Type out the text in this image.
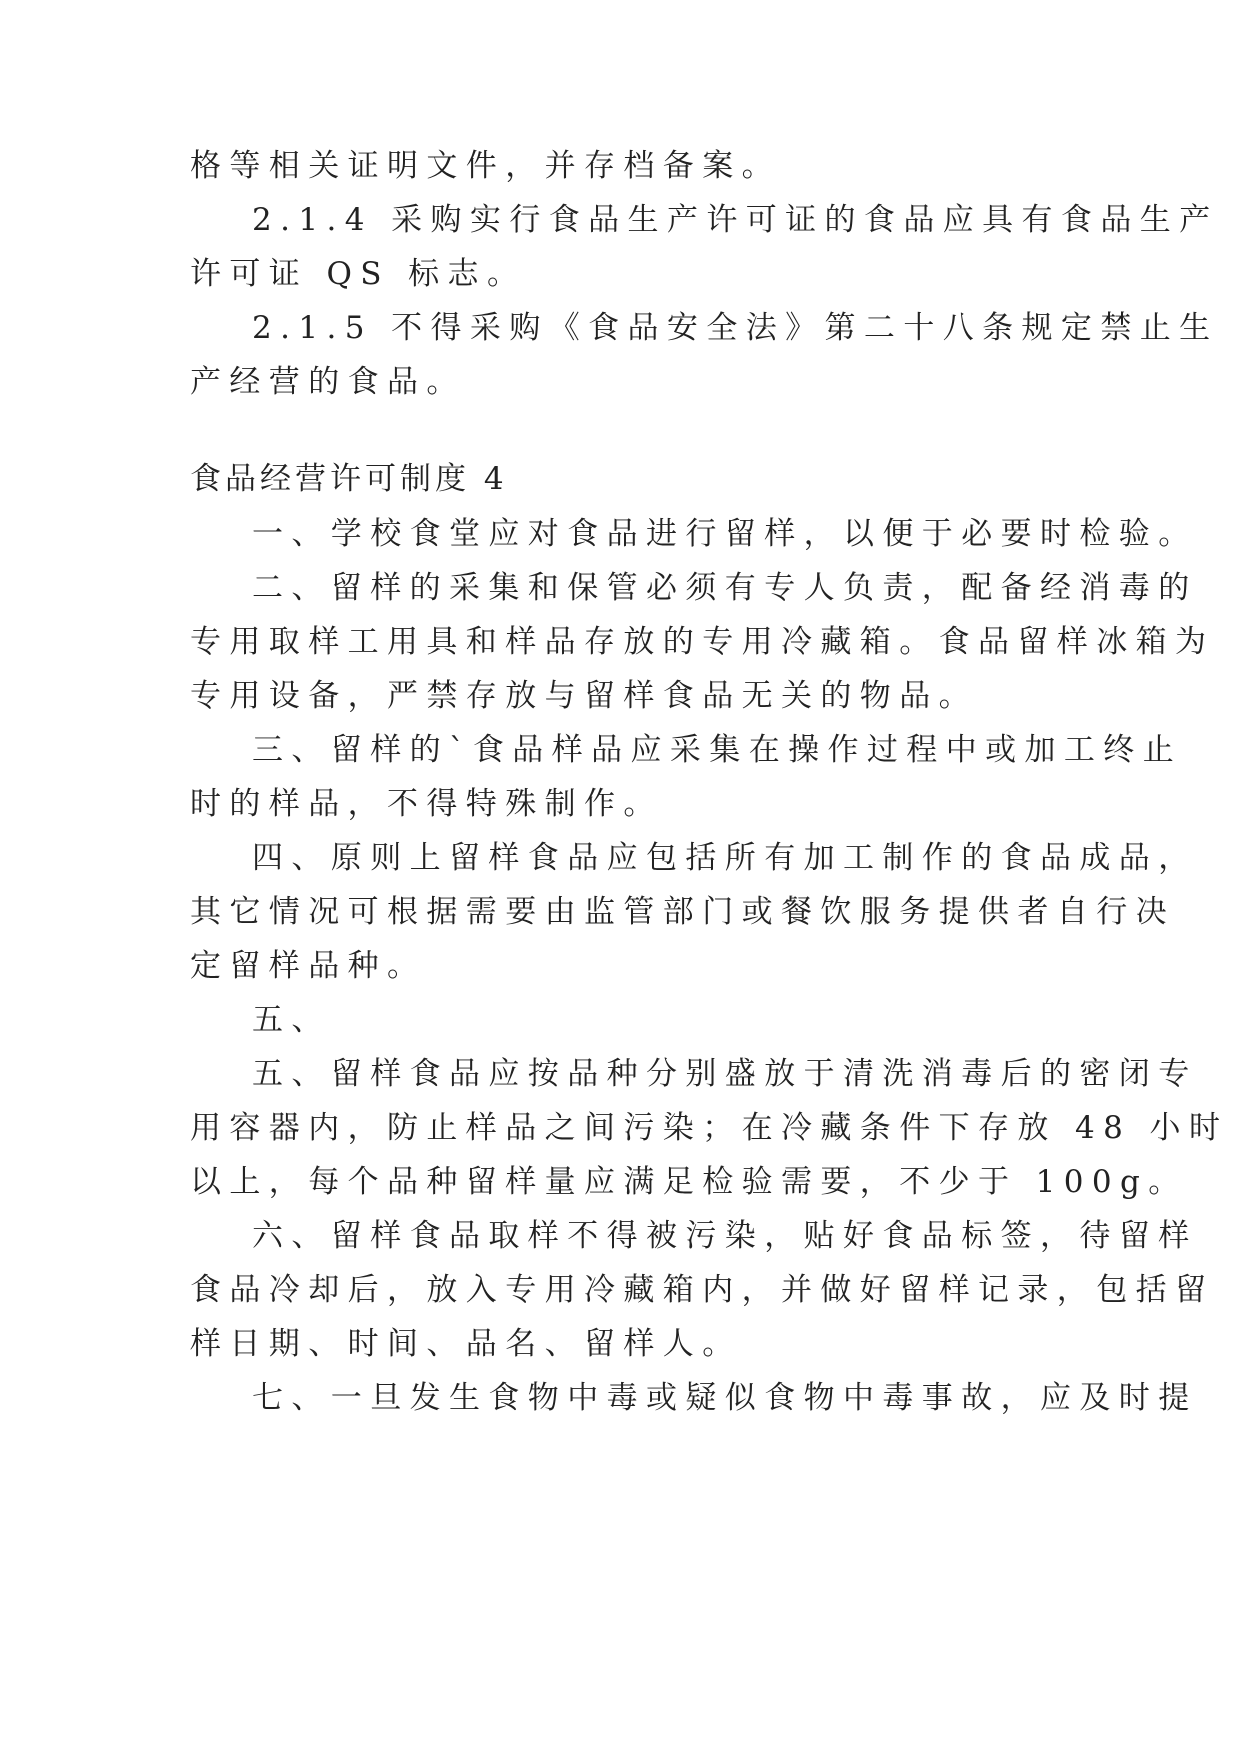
格等相关证明文件，并存档备案。
2.1.4 采购实行食品生产许可证的食品应具有食品生产
许可证 QS 标志。
2.1.5 不得采购《食品安全法》第二十八条规定禁止生
产经营的食品。
食品经营许可制度 4
一、学校食堂应对食品进行留样，以便于必要时检验。
二、留样的采集和保管必须有专人负责，配备经消毒的
专用取样工用具和样品存放的专用冷藏箱。食品留样冰箱为
专用设备，严禁存放与留样食品无关的物品。
三、留样的`食品样品应采集在操作过程中或加工终止
时的样品，不得特殊制作。
四、原则上留样食品应包括所有加工制作的食品成品，
其它情况可根据需要由监管部门或餐饮服务提供者自行决
定留样品种。
五、
五、留样食品应按品种分别盛放于清洗消毒后的密闭专
用容器内，防止样品之间污染；在冷藏条件下存放 48 小时
以上，每个品种留样量应满足检验需要，不少于 100g。
六、留样食品取样不得被污染，贴好食品标签，待留样
食品冷却后，放入专用冷藏箱内，并做好留样记录，包括留
样日期、时间、品名、留样人。
七、一旦发生食物中毒或疑似食物中毒事故，应及时提
